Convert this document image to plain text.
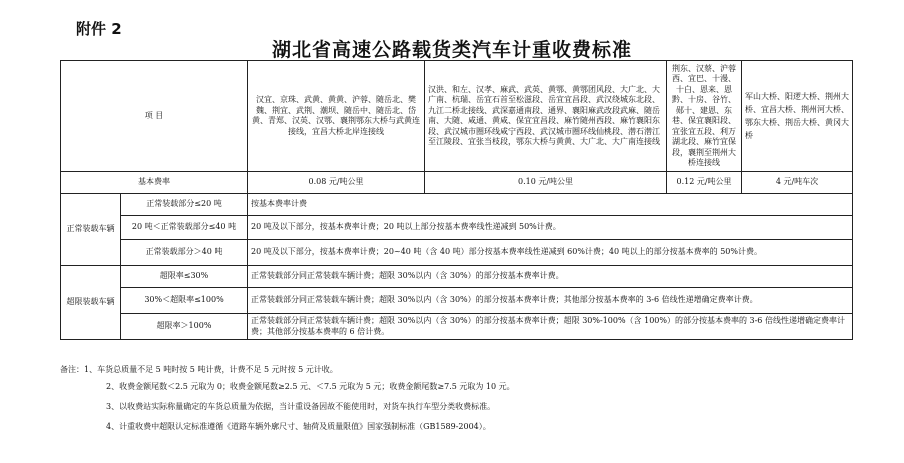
附件 2
湖北省高速公路载货类汽车计重收费标准
项 目		汉宜、京珠、武黄、黄黄、沪蓉、随岳北、樊魏、荆宜、武荆、潮坝、随岳中、随岳北、岱黄、青郑、汉英、汉鄂、襄荆鄂东大桥与武黄连接线，宜昌大桥北岸连接线	汉洪、和左、汉孝、麻武、武英、黄鄂、黄鄂团风段、大广北、大广南、杭瑞、岳宜石首至松滋段、岳宜宜昌段、武汉绕城东北段、九江二桥北接线、武深嘉通南段、通界、襄阳麻武改段武麻、随岳南、大随、咸通、黄咸、保宜宜昌段、麻竹随州西段、麻竹襄阳东段、武汉城市圈环线咸宁西段、武汉城市圈环线仙桃段、潜石潜江至江陵段、宜张当枝段，鄂东大桥与黄黄、大广北、大广南连接线	荆东、汉蔡、沪蓉西、宜巴、十漫、十白、恩来、恩黔、十房、谷竹、郧十、建恩、东巷、保宜襄阳段、宜张宜五段、利万湖北段、麻竹宜保段，襄荆至荆州大桥连接线	军山大桥、阳逻大桥、荆州大桥、宜昌大桥、荆州河大桥、鄂东大桥、荆岳大桥、黄冈大桥
基本费率		0.08 元/吨公里	0.10 元/吨公里	0.12 元/吨公里	4 元/吨车次
正常装载车辆	正常装载部分≤20 吨	按基本费率计费			
	20 吨＜正常装载部分≤40 吨	20 吨及以下部分，按基本费率计费；20 吨以上部分按基本费率线性递减到 50%计费。			
	正常装载部分＞40 吨	20 吨及以下部分，按基本费率计费；20~40 吨（含 40 吨）部分按基本费率线性递减到 60%计费；40 吨以上的部分按基本费率的 50%计费。			
超限装载车辆	超限率≤30%	正常装载部分同正常装载车辆计费；超限 30%以内（含 30%）的部分按基本费率计费。			
	30%＜超限率≤100%	正常装载部分同正常装载车辆计费；超限 30%以内（含 30%）的部分按基本费率计费；其他部分按基本费率的 3-6 倍线性递增确定费率计费。			
	超限率＞100%	正常装载部分同正常装载车辆计费；超限 30%以内（含 30%）的部分按基本费率计费；超限 30%-100%（含 100%）的部分按基本费率的 3-6 倍线性递增确定费率计费；其他部分按基本费率的 6 倍计费。			
备注：1、车货总质量不足 5 吨时按 5 吨计费，计费不足 5 元时按 5 元计收。
2、收费金额尾数＜2.5 元取为 0；收费金额尾数≥2.5 元、＜7.5 元取为 5 元；收费金额尾数≥7.5 元取为 10 元。
3、以收费站实际称量确定的车货总质量为依据，当计重设备因故不能使用时，对货车执行车型分类收费标准。
4、计重收费中超限认定标准遵循《道路车辆外廓尺寸、轴荷及质量限值》国家强制标准（GB1589-2004）。
